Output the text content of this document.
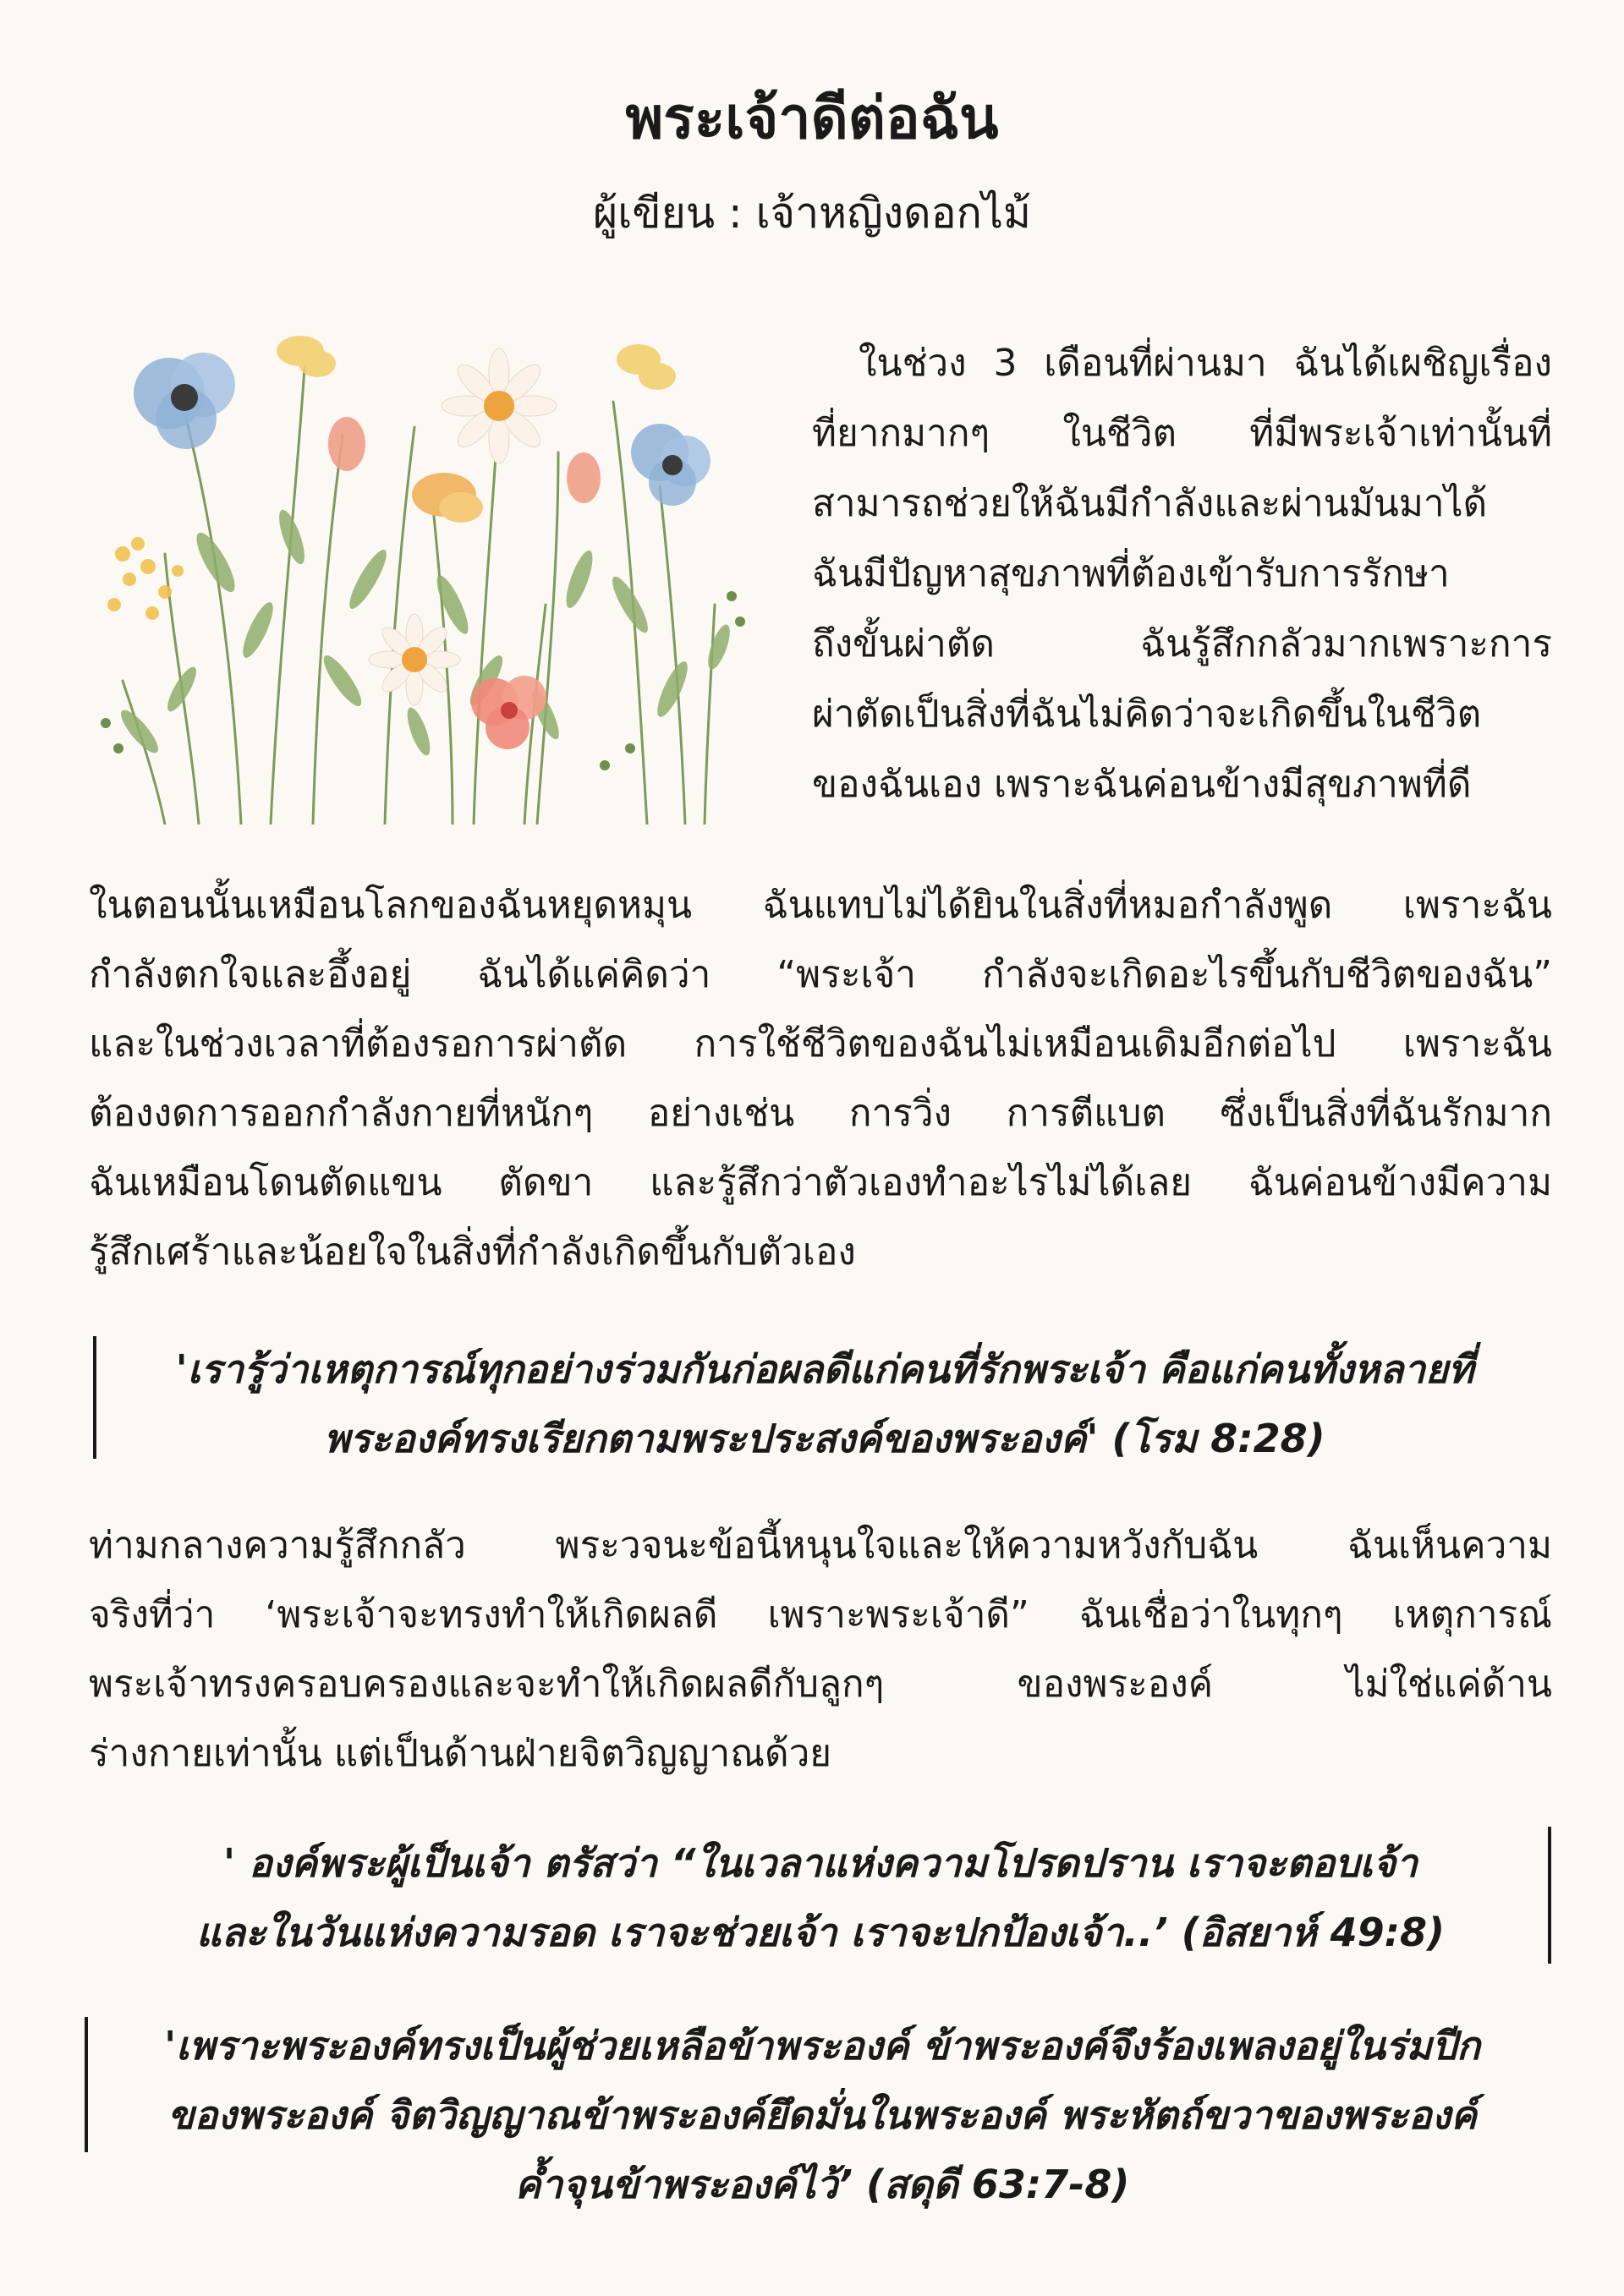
พระเจ้าดีต่อฉัน
ผู้เขียน : เจ้าหญิงดอกไม้
ในช่วง 3 เดือนที่ผ่านมา ฉันได้เผชิญเรื่อง
ที่ยากมากๆ ในชีวิต ที่มีพระเจ้าเท่านั้นที่
สามารถช่วยให้ฉันมีกำลังและผ่านมันมาได้
ฉันมีปัญหาสุขภาพที่ต้องเข้ารับการรักษา
ถึงขั้นผ่าตัด ฉันรู้สึกกลัวมากเพราะการ
ผ่าตัดเป็นสิ่งที่ฉันไม่คิดว่าจะเกิดขึ้นในชีวิต
ของฉันเอง เพราะฉันค่อนข้างมีสุขภาพที่ดี
ในตอนนั้นเหมือนโลกของฉันหยุดหมุน ฉันแทบไม่ได้ยินในสิ่งที่หมอกำลังพูด เพราะฉัน
กำลังตกใจและอึ้งอยู่ ฉันได้แค่คิดว่า “พระเจ้า กำลังจะเกิดอะไรขึ้นกับชีวิตของฉัน”
และในช่วงเวลาที่ต้องรอการผ่าตัด การใช้ชีวิตของฉันไม่เหมือนเดิมอีกต่อไป เพราะฉัน
ต้องงดการออกกำลังกายที่หนักๆ อย่างเช่น การวิ่ง การตีแบต ซึ่งเป็นสิ่งที่ฉันรักมาก
ฉันเหมือนโดนตัดแขน ตัดขา และรู้สึกว่าตัวเองทำอะไรไม่ได้เลย ฉันค่อนข้างมีความ
รู้สึกเศร้าและน้อยใจในสิ่งที่กำลังเกิดขึ้นกับตัวเอง
'เรารู้ว่าเหตุการณ์ทุกอย่างร่วมกันก่อผลดีแก่คนที่รักพระเจ้า คือแก่คนทั้งหลายที่
พระองค์ทรงเรียกตามพระประสงค์ของพระองค์' (โรม 8:28)
ท่ามกลางความรู้สึกกลัว พระวจนะข้อนี้หนุนใจและให้ความหวังกับฉัน ฉันเห็นความ
จริงที่ว่า ‘พระเจ้าจะทรงทำให้เกิดผลดี เพราะพระเจ้าดี” ฉันเชื่อว่าในทุกๆ เหตุการณ์
พระเจ้าทรงครอบครองและจะทำให้เกิดผลดีกับลูกๆ ของพระองค์ ไม่ใช่แค่ด้าน
ร่างกายเท่านั้น แต่เป็นด้านฝ่ายจิตวิญญาณด้วย
' องค์พระผู้เป็นเจ้า ตรัสว่า “ในเวลาแห่งความโปรดปราน เราจะตอบเจ้า
และในวันแห่งความรอด เราจะช่วยเจ้า เราจะปกป้องเจ้า..’ (อิสยาห์ 49:8)
'เพราะพระองค์ทรงเป็นผู้ช่วยเหลือข้าพระองค์ ข้าพระองค์จึงร้องเพลงอยู่ในร่มปีก
ของพระองค์ จิตวิญญาณข้าพระองค์ยึดมั่นในพระองค์ พระหัตถ์ขวาของพระองค์
ค้ำจุนข้าพระองค์ไว้’ (สดุดี 63:7-8)
